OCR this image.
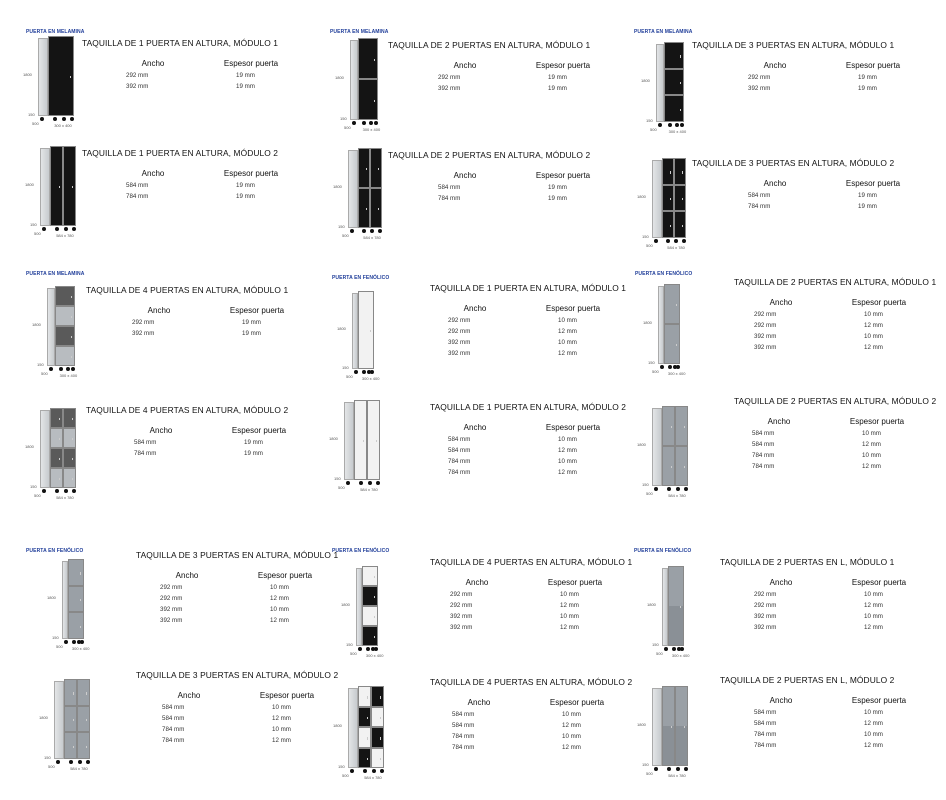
PUERTA EN MELAMINA
TAQUILLA DE 1 PUERTA EN ALTURA, MÓDULO 1
Ancho	Espesor puerta
292 mm	19 mm
392 mm	19 mm
1800
150
500	300 x 400
PUERTA EN MELAMINA
TAQUILLA DE 2 PUERTAS EN ALTURA, MÓDULO 1
Ancho	Espesor puerta
292 mm	19 mm
392 mm	19 mm
1800
150
500	300 x 400
PUERTA EN MELAMINA
TAQUILLA DE 3 PUERTAS EN ALTURA, MÓDULO 1
Ancho	Espesor puerta
292 mm	19 mm
392 mm	19 mm
1800
150
500	300 x 400
TAQUILLA DE 1 PUERTA EN ALTURA, MÓDULO 2
Ancho	Espesor puerta
584 mm	19 mm
784 mm	19 mm
1800
150
500	584 x 780
TAQUILLA DE 2 PUERTAS EN ALTURA, MÓDULO 2
Ancho	Espesor puerta
584 mm	19 mm
784 mm	19 mm
1800
150
500	584 x 780
TAQUILLA DE 3 PUERTAS EN ALTURA, MÓDULO 2
Ancho	Espesor puerta
584 mm	19 mm
784 mm	19 mm
1800
150
500	584 x 780
PUERTA EN MELAMINA
TAQUILLA DE 4 PUERTAS EN ALTURA, MÓDULO 1
Ancho	Espesor puerta
292 mm	19 mm
392 mm	19 mm
1800
150
500	300 x 400
PUERTA EN FENÓLICO
TAQUILLA DE 1 PUERTA EN ALTURA, MÓDULO 1
Ancho	Espesor puerta
292 mm	10 mm
292 mm	12 mm
392 mm	10 mm
392 mm	12 mm
1800
150
500 300 x 400
PUERTA EN FENÓLICO
TAQUILLA DE 2 PUERTAS EN ALTURA, MÓDULO 1
Ancho	Espesor puerta
292 mm	10 mm
292 mm	12 mm
392 mm	10 mm
392 mm	12 mm
1800
150
500 300 x 400
TAQUILLA DE 4 PUERTAS EN ALTURA, MÓDULO 2
Ancho	Espesor puerta
584 mm	19 mm
784 mm	19 mm
1800
150
500	584 x 780
TAQUILLA DE 1 PUERTA EN ALTURA, MÓDULO 2
Ancho	Espesor puerta
584 mm	10 mm
584 mm	12 mm
784 mm	10 mm
784 mm	12 mm
1800
150
500	584 x 780
TAQUILLA DE 2 PUERTAS EN ALTURA, MÓDULO 2
Ancho	Espesor puerta
584 mm	10 mm
584 mm	12 mm
784 mm	10 mm
784 mm	12 mm
1800
150
500	584 x 780
PUERTA EN FENÓLICO	TAQUILLA DE 3 PUERTAS EN ALTURA, MÓDULO 1
Ancho	Espesor puerta
292 mm	10 mm
292 mm	12 mm
392 mm	10 mm
392 mm	12 mm
1800
150
500 300 x 400
PUERTA EN FENÓLICO
TAQUILLA DE 4 PUERTAS EN ALTURA, MÓDULO 1
Ancho	Espesor puerta
292 mm	10 mm
292 mm	12 mm
392 mm	10 mm
392 mm	12 mm
1800
150
500 300 x 400
PUERTA EN FENÓLICO
TAQUILLA DE 2 PUERTAS EN L, MÓDULO 1
Ancho	Espesor puerta
292 mm	10 mm
292 mm	12 mm
392 mm	10 mm
392 mm	12 mm
1800
150
500 300 x 400
TAQUILLA DE 3 PUERTAS EN ALTURA, MÓDULO 2
Ancho	Espesor puerta
584 mm	10 mm
584 mm	12 mm
784 mm	10 mm
784 mm	12 mm
1800
150
500	584 x 780
TAQUILLA DE 4 PUERTAS EN ALTURA, MÓDULO 2
Ancho	Espesor puerta
584 mm	10 mm
584 mm	12 mm
784 mm	10 mm
784 mm	12 mm
1800
150
500	584 x 780
TAQUILLA DE 2 PUERTAS EN L, MÓDULO 2
Ancho	Espesor puerta
584 mm	10 mm
584 mm	12 mm
784 mm	10 mm
784 mm	12 mm
1800
150
500	584 x 780
